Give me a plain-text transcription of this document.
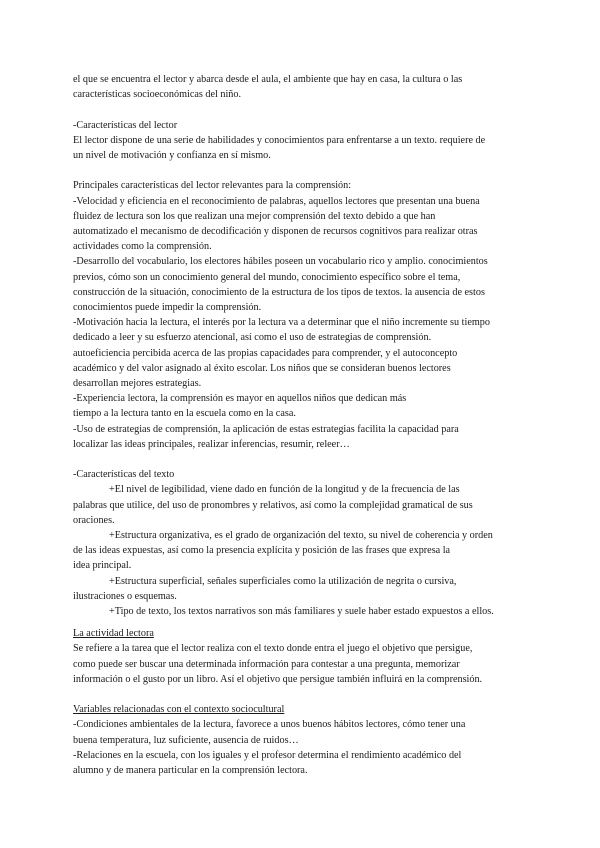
el que se encuentra el lector y abarca desde el aula, el ambiente que hay en casa, la cultura o las

características socioeconómicas del niño.

-Características del lector

El lector dispone de una serie de habilidades y conocimientos para enfrentarse a un texto. requiere de

un nivel de motivación y confianza en sí mismo.

Principales características del lector relevantes para la comprensión:

-Velocidad y eficiencia en el reconocimiento de palabras, aquellos lectores que presentan una buena

fluidez de lectura son los que realizan una mejor comprensión del texto debido a que han

automatizado el mecanismo de decodificación y disponen de recursos cognitivos para realizar otras

actividades como la comprensión.

-Desarrollo del vocabulario, los electores hábiles poseen un vocabulario rico y amplio. conocimientos

previos, cómo son un conocimiento general del mundo, conocimiento específico sobre el tema,

construcción de la situación, conocimiento de la estructura de los tipos de textos. la ausencia de estos

conocimientos puede impedir la comprensión.

-Motivación hacia la lectura, el interés por la lectura va a determinar que el niño incremente su tiempo

dedicado a leer y su esfuerzo atencional, así como el uso de estrategias de comprensión.

autoeficiencia percibida acerca de las propias capacidades para comprender, y el autoconcepto

académico y del valor asignado al éxito escolar. Los niños que se consideran buenos lectores

desarrollan mejores estrategias.

-Experiencia lectora, la comprensión es mayor en aquellos niños que dedican más

tiempo a la lectura tanto en la escuela como en la casa.

-Uso de estrategias de comprensión, la aplicación de estas estrategias facilita la capacidad para

localizar las ideas principales, realizar inferencias, resumir, releer…

-Características del texto

+El nivel de legibilidad, viene dado en función de la longitud y de la frecuencia de las

palabras que utilice, del uso de pronombres y relativos, así como la complejidad gramatical de sus

oraciones.

+Estructura organizativa, es el grado de organización del texto, su nivel de coherencia y orden

de las ideas expuestas, así como la presencia explícita y posición de las frases que expresa la

idea principal.

+Estructura superficial, señales superficiales como la utilización de negrita o cursiva,

ilustraciones o esquemas.

+Tipo de texto, los textos narrativos son más familiares y suele haber estado expuestos a ellos.

La actividad lectora

Se refiere a la tarea que el lector realiza con el texto donde entra el juego el objetivo que persigue,

como puede ser buscar una determinada información para contestar a una pregunta, memorizar

información o el gusto por un libro. Así el objetivo que persigue también influirá en la comprensión.

Variables relacionadas con el contexto sociocultural

-Condiciones ambientales de la lectura, favorece a unos buenos hábitos lectores, cómo tener una

buena temperatura, luz suficiente, ausencia de ruidos…

-Relaciones en la escuela, con los iguales y el profesor determina el rendimiento académico del

alumno y de manera particular en la comprensión lectora.
